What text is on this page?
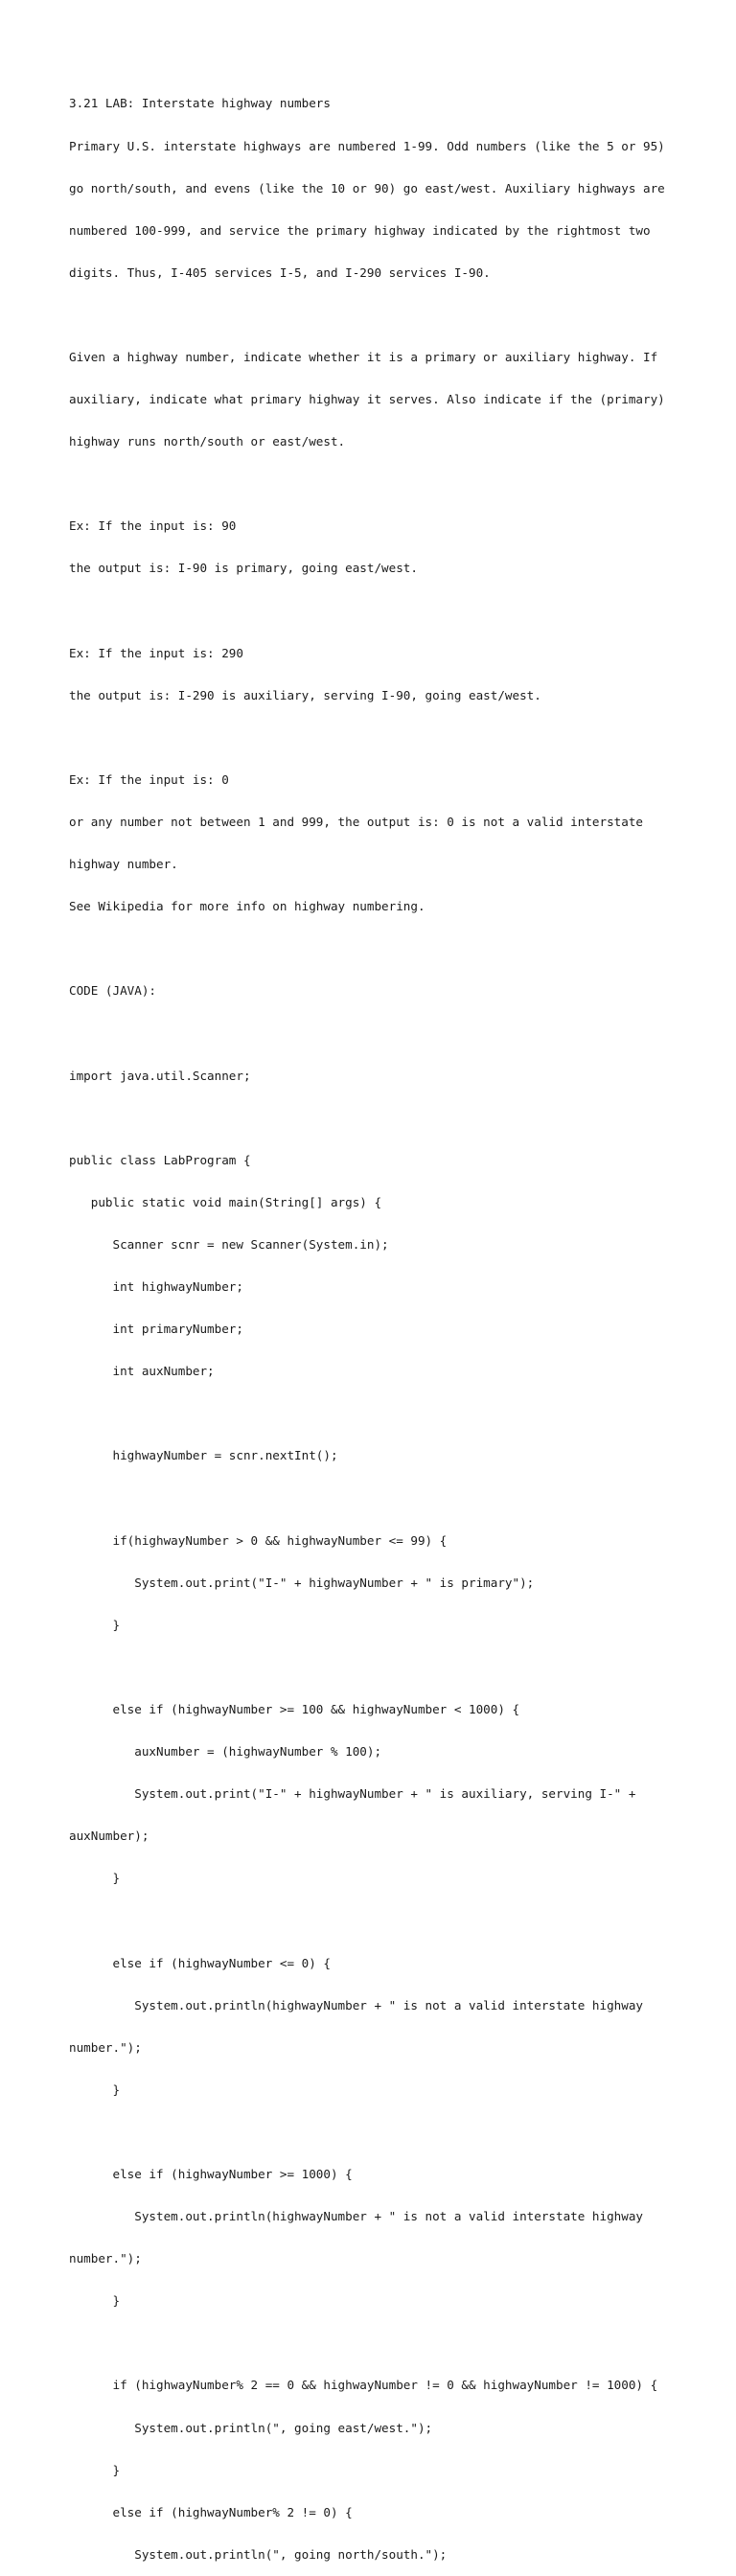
3.21 LAB: Interstate highway numbers

Primary U.S. interstate highways are numbered 1-99. Odd numbers (like the 5 or 95)

go north/south, and evens (like the 10 or 90) go east/west. Auxiliary highways are

numbered 100-999, and service the primary highway indicated by the rightmost two

digits. Thus, I-405 services I-5, and I-290 services I-90.

Given a highway number, indicate whether it is a primary or auxiliary highway. If

auxiliary, indicate what primary highway it serves. Also indicate if the (primary)

highway runs north/south or east/west.

Ex: If the input is: 90

the output is: I-90 is primary, going east/west.

Ex: If the input is: 290

the output is: I-290 is auxiliary, serving I-90, going east/west.

Ex: If the input is: 0

or any number not between 1 and 999, the output is: 0 is not a valid interstate

highway number.

See Wikipedia for more info on highway numbering.

CODE (JAVA):

import java.util.Scanner;

public class LabProgram {

public static void main(String[] args) {

Scanner scnr = new Scanner(System.in);

int highwayNumber;

int primaryNumber;

int auxNumber;

highwayNumber = scnr.nextInt();

if(highwayNumber > 0 && highwayNumber <= 99) {

System.out.print("I-" + highwayNumber + " is primary");

}

else if (highwayNumber >= 100 && highwayNumber < 1000) {

auxNumber = (highwayNumber % 100);

System.out.print("I-" + highwayNumber + " is auxiliary, serving I-" +

auxNumber);

}

else if (highwayNumber <= 0) {

System.out.println(highwayNumber + " is not a valid interstate highway

number.");

}

else if (highwayNumber >= 1000) {

System.out.println(highwayNumber + " is not a valid interstate highway

number.");

}

if (highwayNumber% 2 == 0 && highwayNumber != 0 && highwayNumber != 1000) {

System.out.println(", going east/west.");

}

else if (highwayNumber% 2 != 0) {

System.out.println(", going north/south.");
